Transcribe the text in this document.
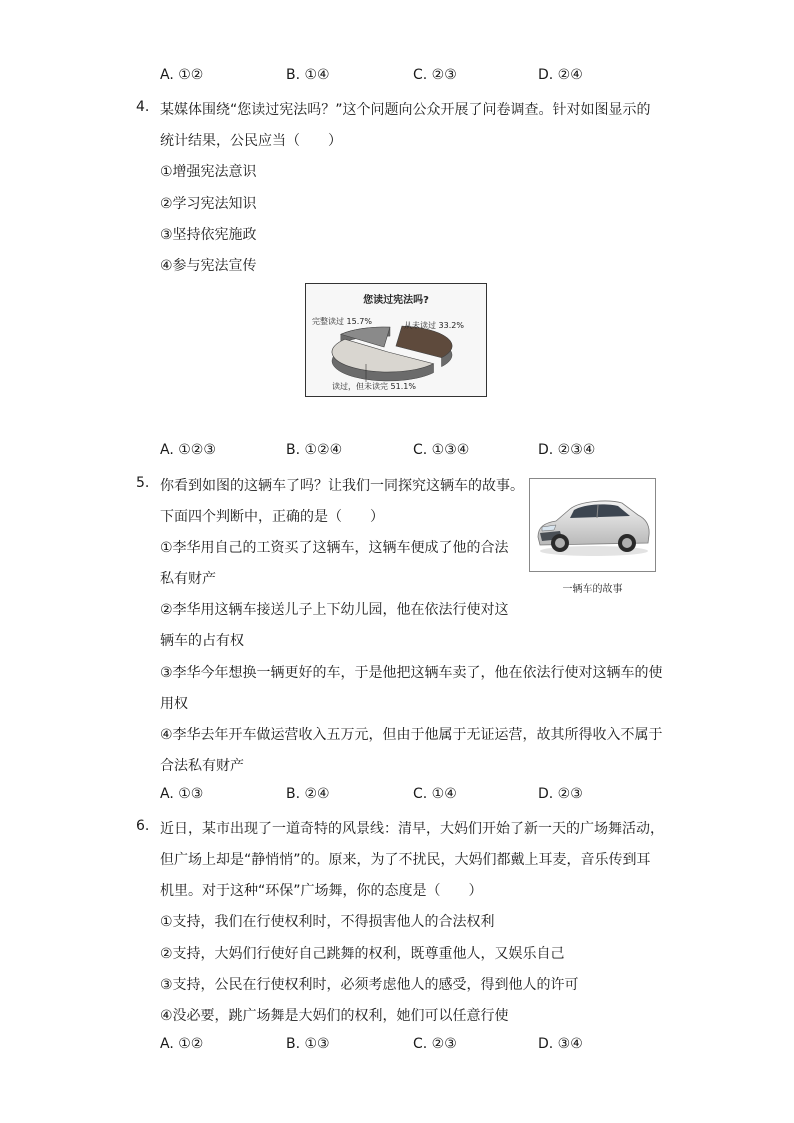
A. ①②	B. ①④	C. ②③	D. ②④
4. 某媒体围绕“您读过宪法吗？”这个问题向公众开展了问卷调查。针对如图显示的
统计结果，公民应当（　　）
①增强宪法意识
②学习宪法知识
③坚持依宪施政
④参与宪法宣传
您读过宪法吗?
完整读过 15.7%	从未读过 33.2%
读过，但未读完 51.1%
A. ①②③	B. ①②④	C. ①③④	D. ②③④
5. 你看到如图的这辆车了吗？让我们一同探究这辆车的故事。
下面四个判断中，正确的是（　　）
①李华用自己的工资买了这辆车，这辆车便成了他的合法
私有财产
②李华用这辆车接送儿子上下幼儿园，他在依法行使对这
辆车的占有权
③李华今年想换一辆更好的车，于是他把这辆车卖了，他在依法行使对这辆车的使
用权
④李华去年开车做运营收入五万元，但由于他属于无证运营，故其所得收入不属于
合法私有财产
一辆车的故事
A. ①③	B. ②④	C. ①④	D. ②③
6. 近日，某市出现了一道奇特的风景线：清早，大妈们开始了新一天的广场舞活动，
但广场上却是“静悄悄”的。原来，为了不扰民，大妈们都戴上耳麦，音乐传到耳
机里。对于这种“环保”广场舞，你的态度是（　　）
①支持，我们在行使权利时，不得损害他人的合法权利
②支持，大妈们行使好自己跳舞的权利，既尊重他人，又娱乐自己
③支持，公民在行使权利时，必须考虑他人的感受，得到他人的许可
④没必要，跳广场舞是大妈们的权利，她们可以任意行使
A. ①②	B. ①③	C. ②③	D. ③④
